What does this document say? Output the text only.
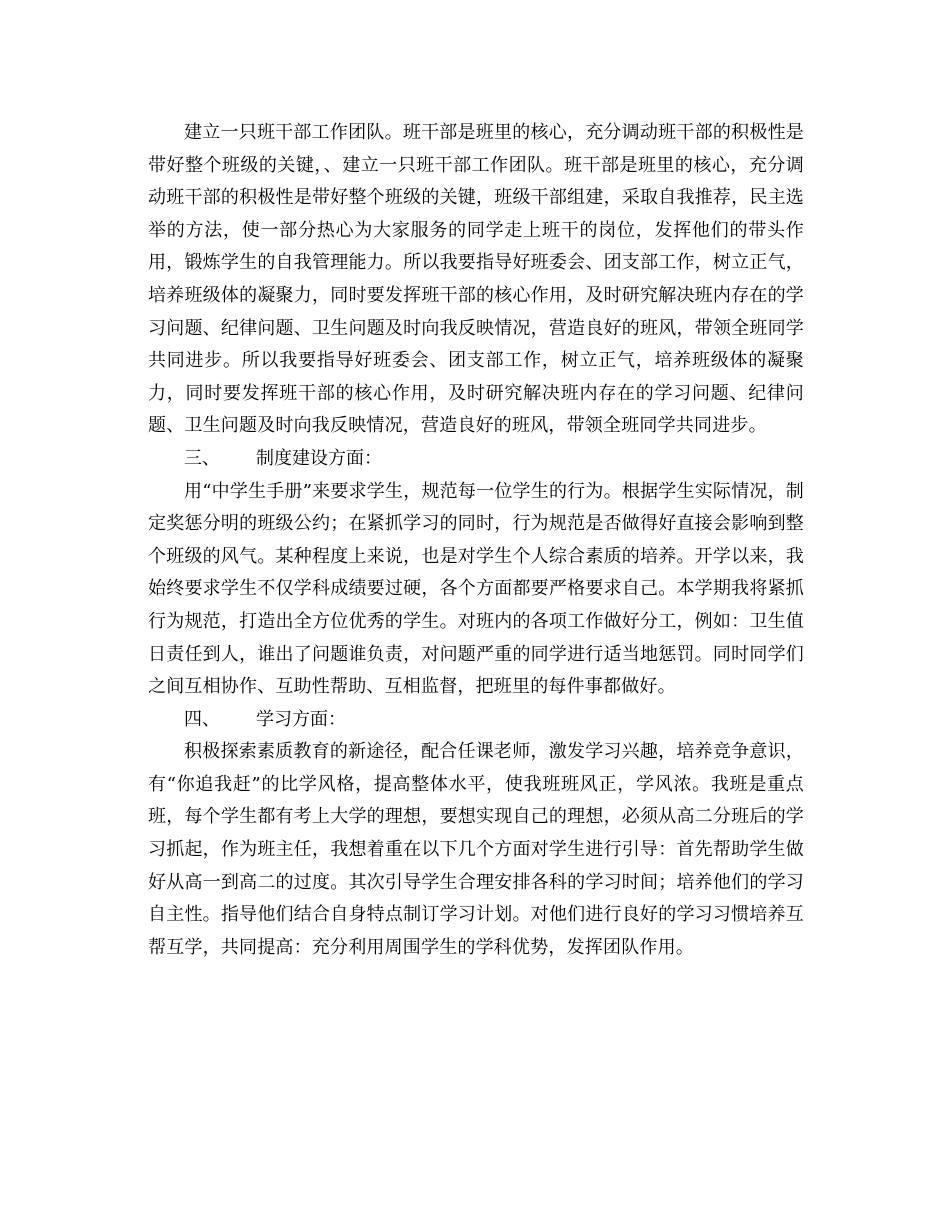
建立一只班干部工作团队。班干部是班里的核心，充分调动班干部的积极性是带好整个班级的关键，、建立一只班干部工作团队。班干部是班里的核心，充分调动班干部的积极性是带好整个班级的关键，班级干部组建，采取自我推荐，民主选举的方法，使一部分热心为大家服务的同学走上班干的岗位，发挥他们的带头作用，锻炼学生的自我管理能力。所以我要指导好班委会、团支部工作，树立正气，培养班级体的凝聚力，同时要发挥班干部的核心作用，及时研究解决班内存在的学习问题、纪律问题、卫生问题及时向我反映情况，营造良好的班风，带领全班同学共同进步。所以我要指导好班委会、团支部工作，树立正气，培养班级体的凝聚力，同时要发挥班干部的核心作用，及时研究解决班内存在的学习问题、纪律问题、卫生问题及时向我反映情况，营造良好的班风，带领全班同学共同进步。

三、 制度建设方面：

用“中学生手册”来要求学生，规范每一位学生的行为。根据学生实际情况，制定奖惩分明的班级公约；在紧抓学习的同时，行为规范是否做得好直接会影响到整个班级的风气。某种程度上来说，也是对学生个人综合素质的培养。开学以来，我始终要求学生不仅学科成绩要过硬，各个方面都要严格要求自己。本学期我将紧抓行为规范，打造出全方位优秀的学生。对班内的各项工作做好分工，例如：卫生值日责任到人，谁出了问题谁负责，对问题严重的同学进行适当地惩罚。同时同学们之间互相协作、互助性帮助、互相监督，把班里的每件事都做好。

四、 学习方面：

积极探索素质教育的新途径，配合任课老师，激发学习兴趣，培养竞争意识，有“你追我赶”的比学风格，提高整体水平，使我班班风正，学风浓。我班是重点班，每个学生都有考上大学的理想，要想实现自己的理想，必须从高二分班后的学习抓起，作为班主任，我想着重在以下几个方面对学生进行引导：首先帮助学生做好从高一到高二的过度。其次引导学生合理安排各科的学习时间；培养他们的学习自主性。指导他们结合自身特点制订学习计划。对他们进行良好的学习习惯培养互帮互学，共同提高：充分利用周围学生的学科优势，发挥团队作用。
